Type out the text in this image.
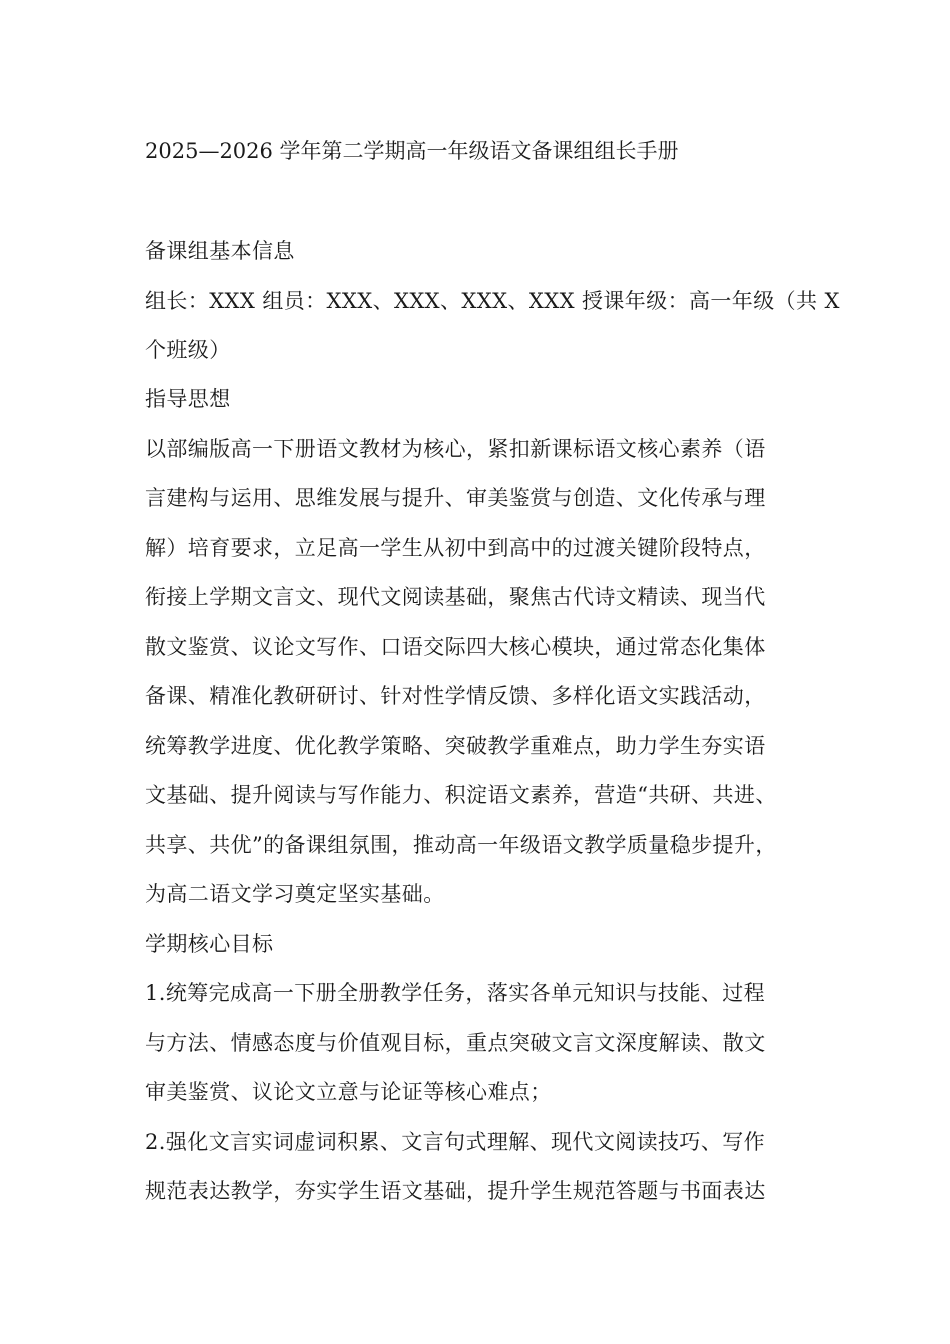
2025—2026 学年第二学期高一年级语文备课组组长手册
备课组基本信息
组长：XXX 组员：XXX、XXX、XXX、XXX 授课年级：高一年级（共 X
个班级）
指导思想
以部编版高一下册语文教材为核心，紧扣新课标语文核心素养（语
言建构与运用、思维发展与提升、审美鉴赏与创造、文化传承与理
解）培育要求，立足高一学生从初中到高中的过渡关键阶段特点，
衔接上学期文言文、现代文阅读基础，聚焦古代诗文精读、现当代
散文鉴赏、议论文写作、口语交际四大核心模块，通过常态化集体
备课、精准化教研研讨、针对性学情反馈、多样化语文实践活动，
统筹教学进度、优化教学策略、突破教学重难点，助力学生夯实语
文基础、提升阅读与写作能力、积淀语文素养，营造“共研、共进、
共享、共优”的备课组氛围，推动高一年级语文教学质量稳步提升，
为高二语文学习奠定坚实基础。
学期核心目标
1.统筹完成高一下册全册教学任务，落实各单元知识与技能、过程
与方法、情感态度与价值观目标，重点突破文言文深度解读、散文
审美鉴赏、议论文立意与论证等核心难点；
2.强化文言实词虚词积累、文言句式理解、现代文阅读技巧、写作
规范表达教学，夯实学生语文基础，提升学生规范答题与书面表达
